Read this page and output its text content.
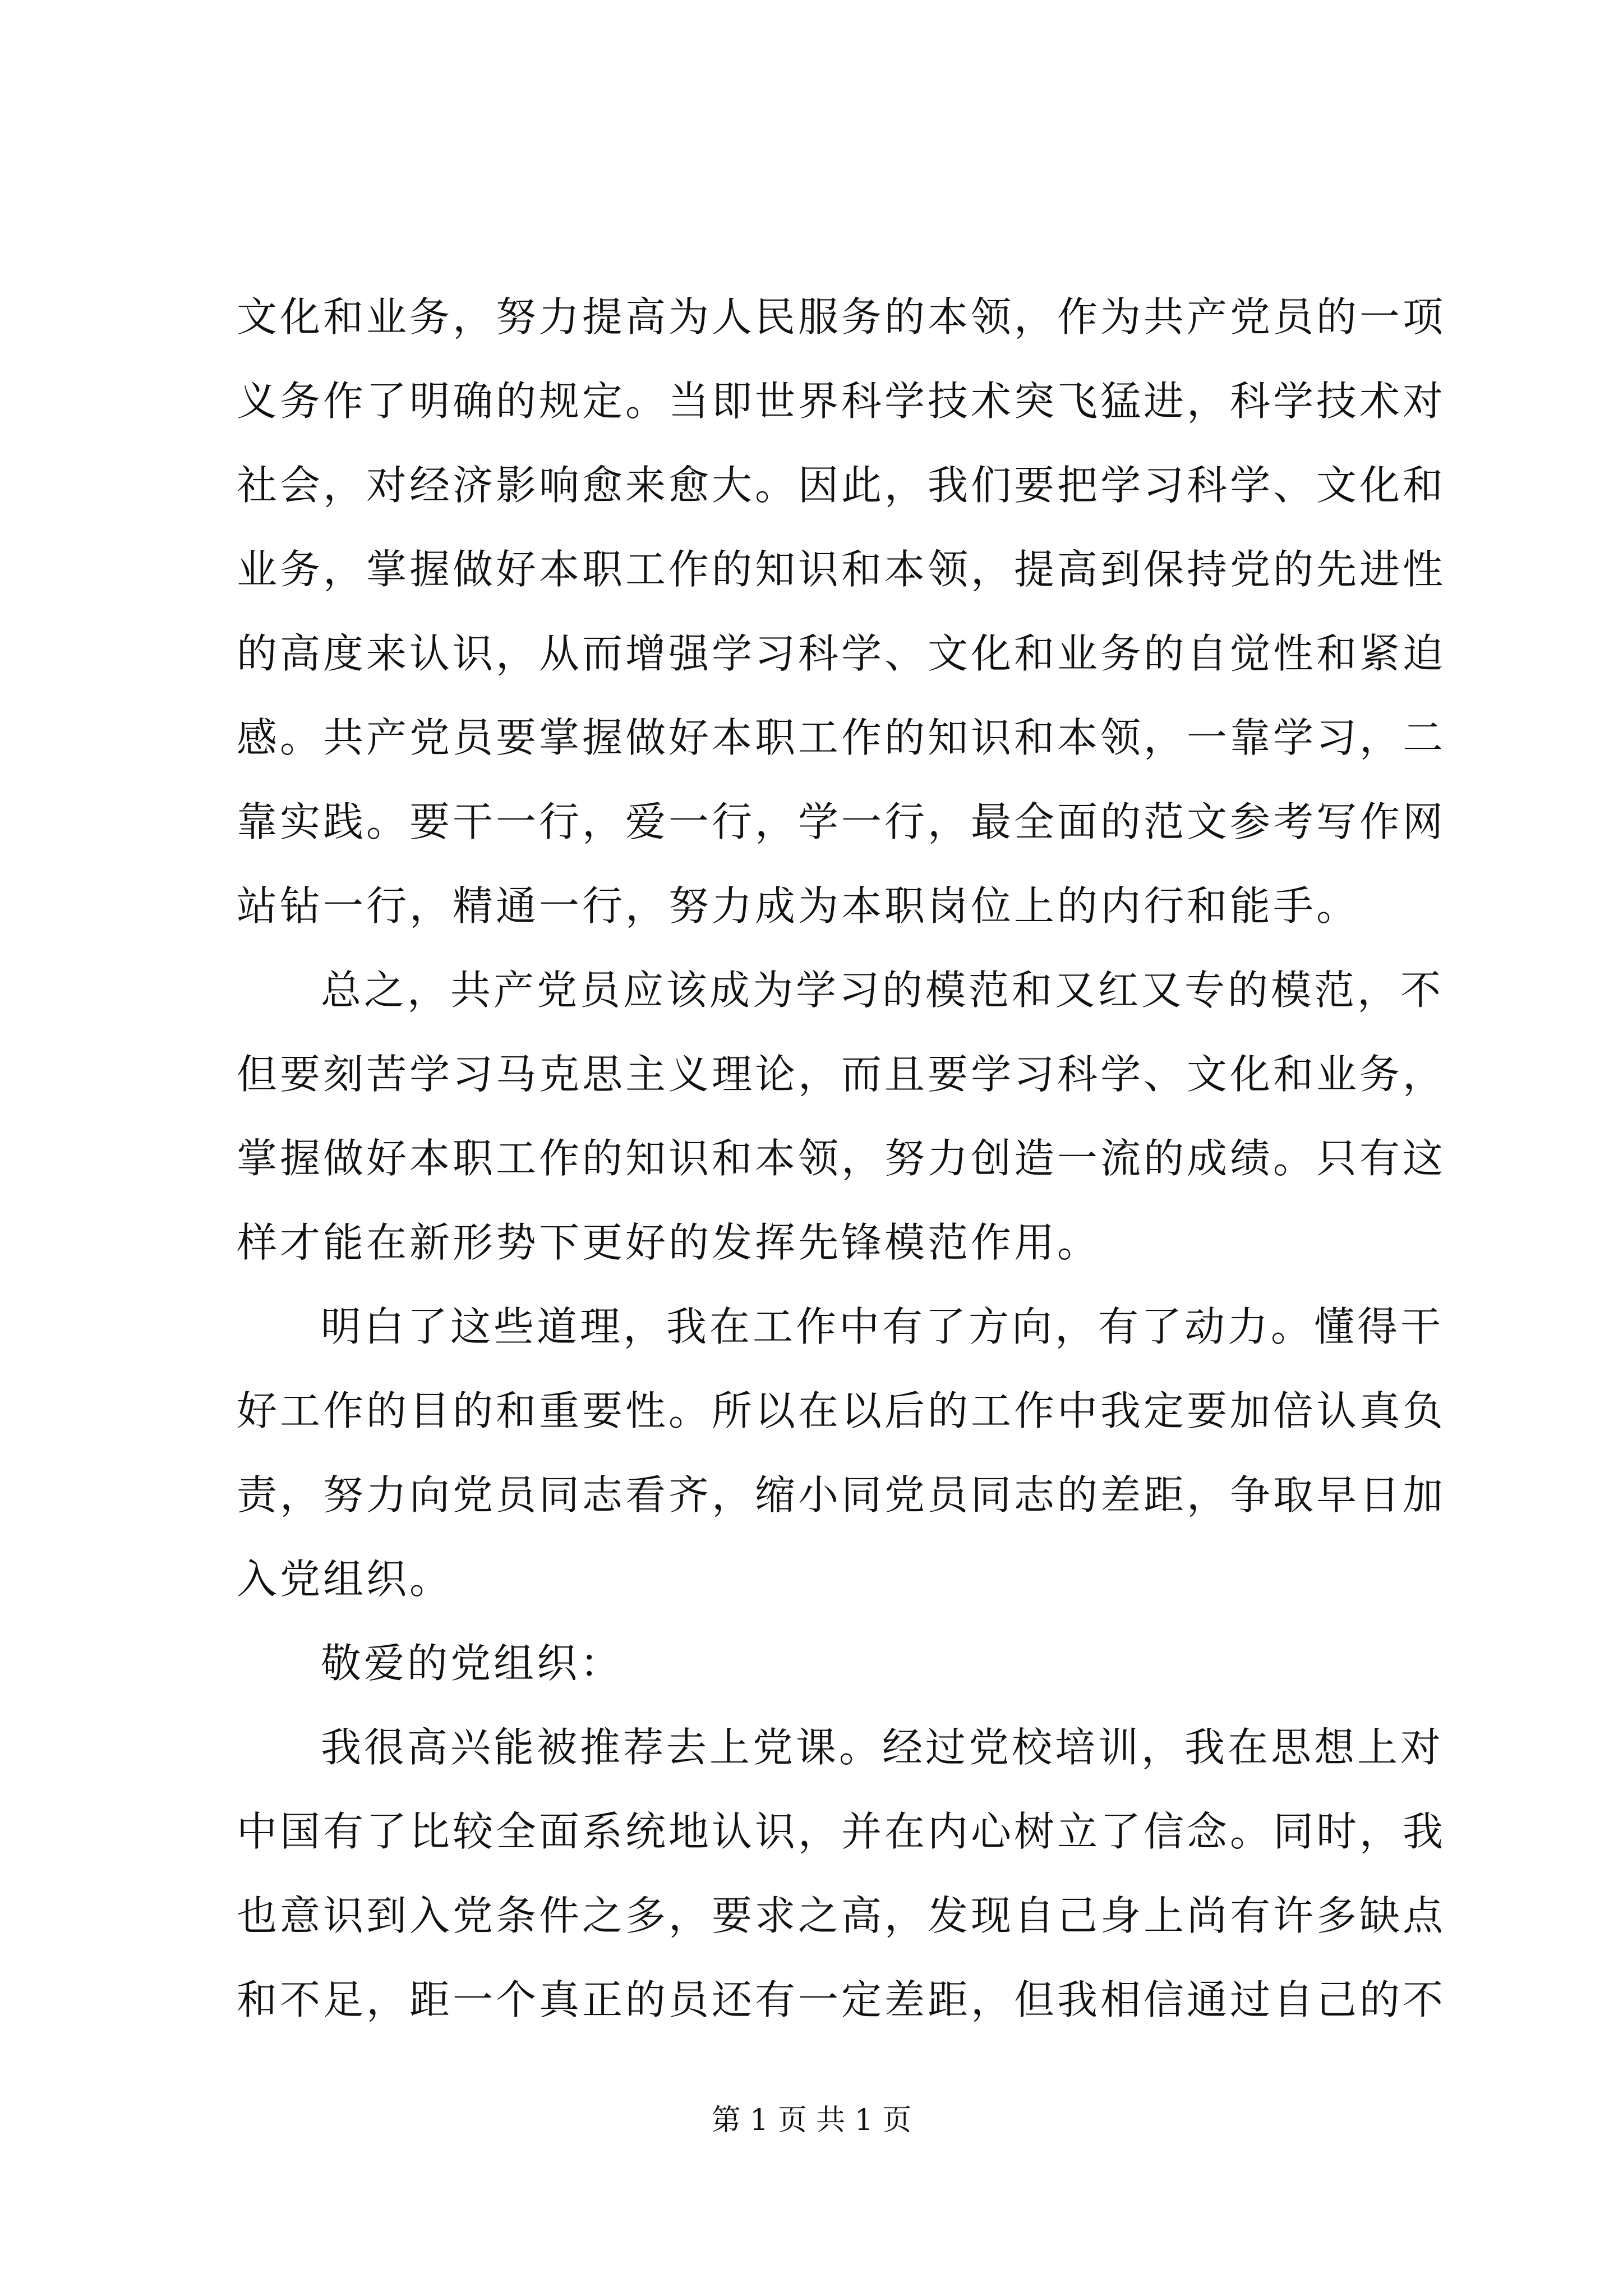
文化和业务，努力提高为人民服务的本领，作为共产党员的一项
义务作了明确的规定。当即世界科学技术突飞猛进，科学技术对
社会，对经济影响愈来愈大。因此，我们要把学习科学、文化和
业务，掌握做好本职工作的知识和本领，提高到保持党的先进性
的高度来认识，从而增强学习科学、文化和业务的自觉性和紧迫
感。共产党员要掌握做好本职工作的知识和本领，一靠学习，二
靠实践。要干一行，爱一行，学一行，最全面的范文参考写作网
站钻一行，精通一行，努力成为本职岗位上的内行和能手。
总之，共产党员应该成为学习的模范和又红又专的模范，不
但要刻苦学习马克思主义理论，而且要学习科学、文化和业务，
掌握做好本职工作的知识和本领，努力创造一流的成绩。只有这
样才能在新形势下更好的发挥先锋模范作用。
明白了这些道理，我在工作中有了方向，有了动力。懂得干
好工作的目的和重要性。所以在以后的工作中我定要加倍认真负
责，努力向党员同志看齐，缩小同党员同志的差距，争取早日加
入党组织。
敬爱的党组织：
我很高兴能被推荐去上党课。经过党校培训，我在思想上对
中国有了比较全面系统地认识，并在内心树立了信念。同时，我
也意识到入党条件之多，要求之高，发现自己身上尚有许多缺点
和不足，距一个真正的员还有一定差距，但我相信通过自己的不
第 1 页 共 1 页
